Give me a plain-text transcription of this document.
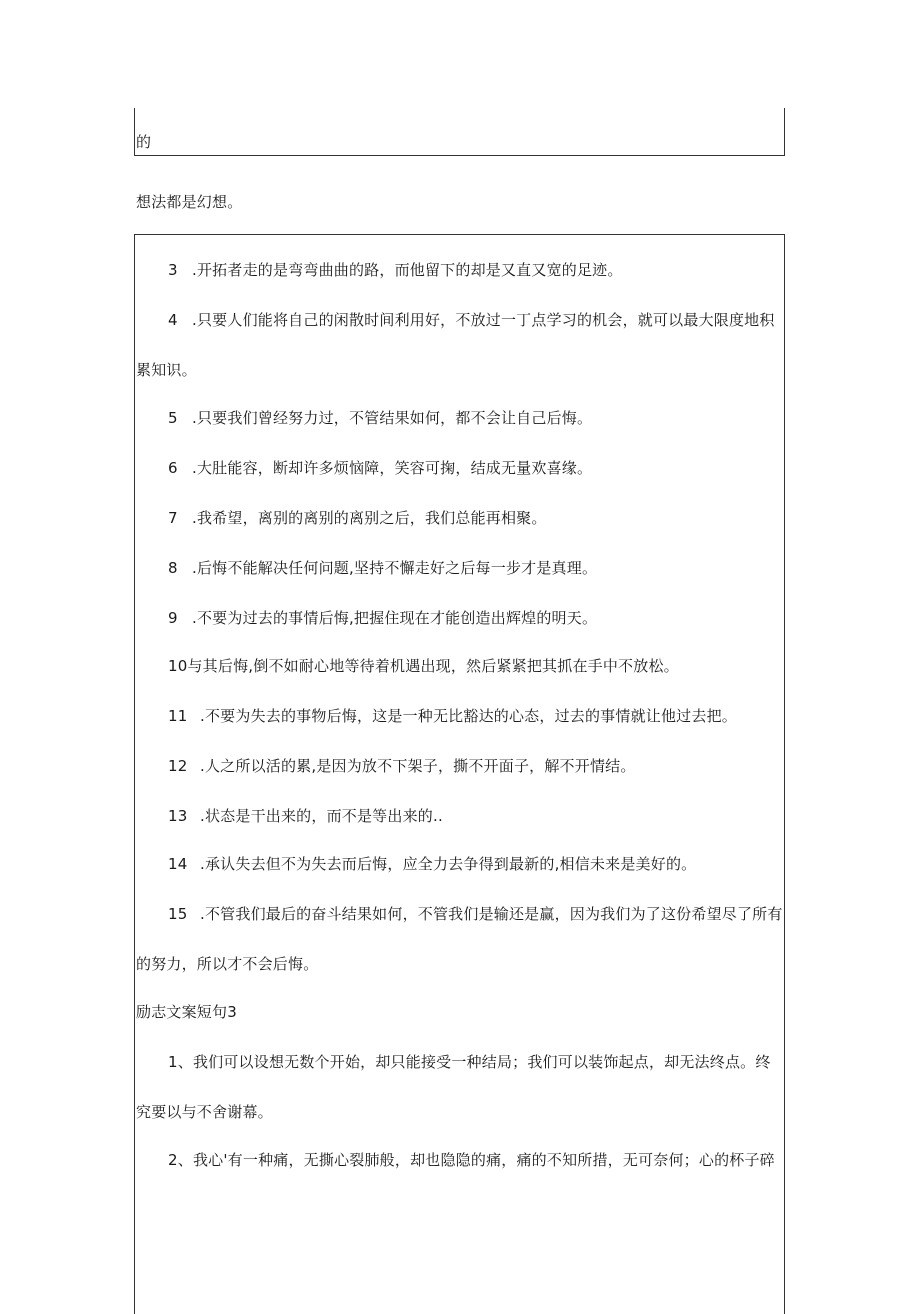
的
想法都是幻想。
3 .开拓者走的是弯弯曲曲的路，而他留下的却是又直又宽的足迹。
4 .只要人们能将自己的闲散时间利用好，不放过一丁点学习的机会，就可以最大限度地积
累知识。
5 .只要我们曾经努力过，不管结果如何，都不会让自己后悔。
6 .大肚能容，断却许多烦恼障，笑容可掬，结成无量欢喜缘。
7 .我希望，离别的离别的离别之后，我们总能再相聚。
8 .后悔不能解决任何问题,坚持不懈走好之后每一步才是真理。
9 .不要为过去的事情后悔,把握住现在才能创造出辉煌的明天。
10与其后悔,倒不如耐心地等待着机遇出现，然后紧紧把其抓在手中不放松。
11 .不要为失去的事物后悔，这是一种无比豁达的心态，过去的事情就让他过去把。
12 .人之所以活的累,是因为放不下架子，撕不开面子，解不开情结。
13 .状态是干出来的，而不是等出来的..
14 .承认失去但不为失去而后悔，应全力去争得到最新的,相信未来是美好的。
15 .不管我们最后的奋斗结果如何，不管我们是输还是赢，因为我们为了这份希望尽了所有
的努力，所以才不会后悔。
励志文案短句3
1、我们可以设想无数个开始，却只能接受一种结局；我们可以装饰起点，却无法终点。终
究要以与不舍谢幕。
2、我心'有一种痛，无撕心裂肺般，却也隐隐的痛，痛的不知所措，无可奈何；心的杯子碎
